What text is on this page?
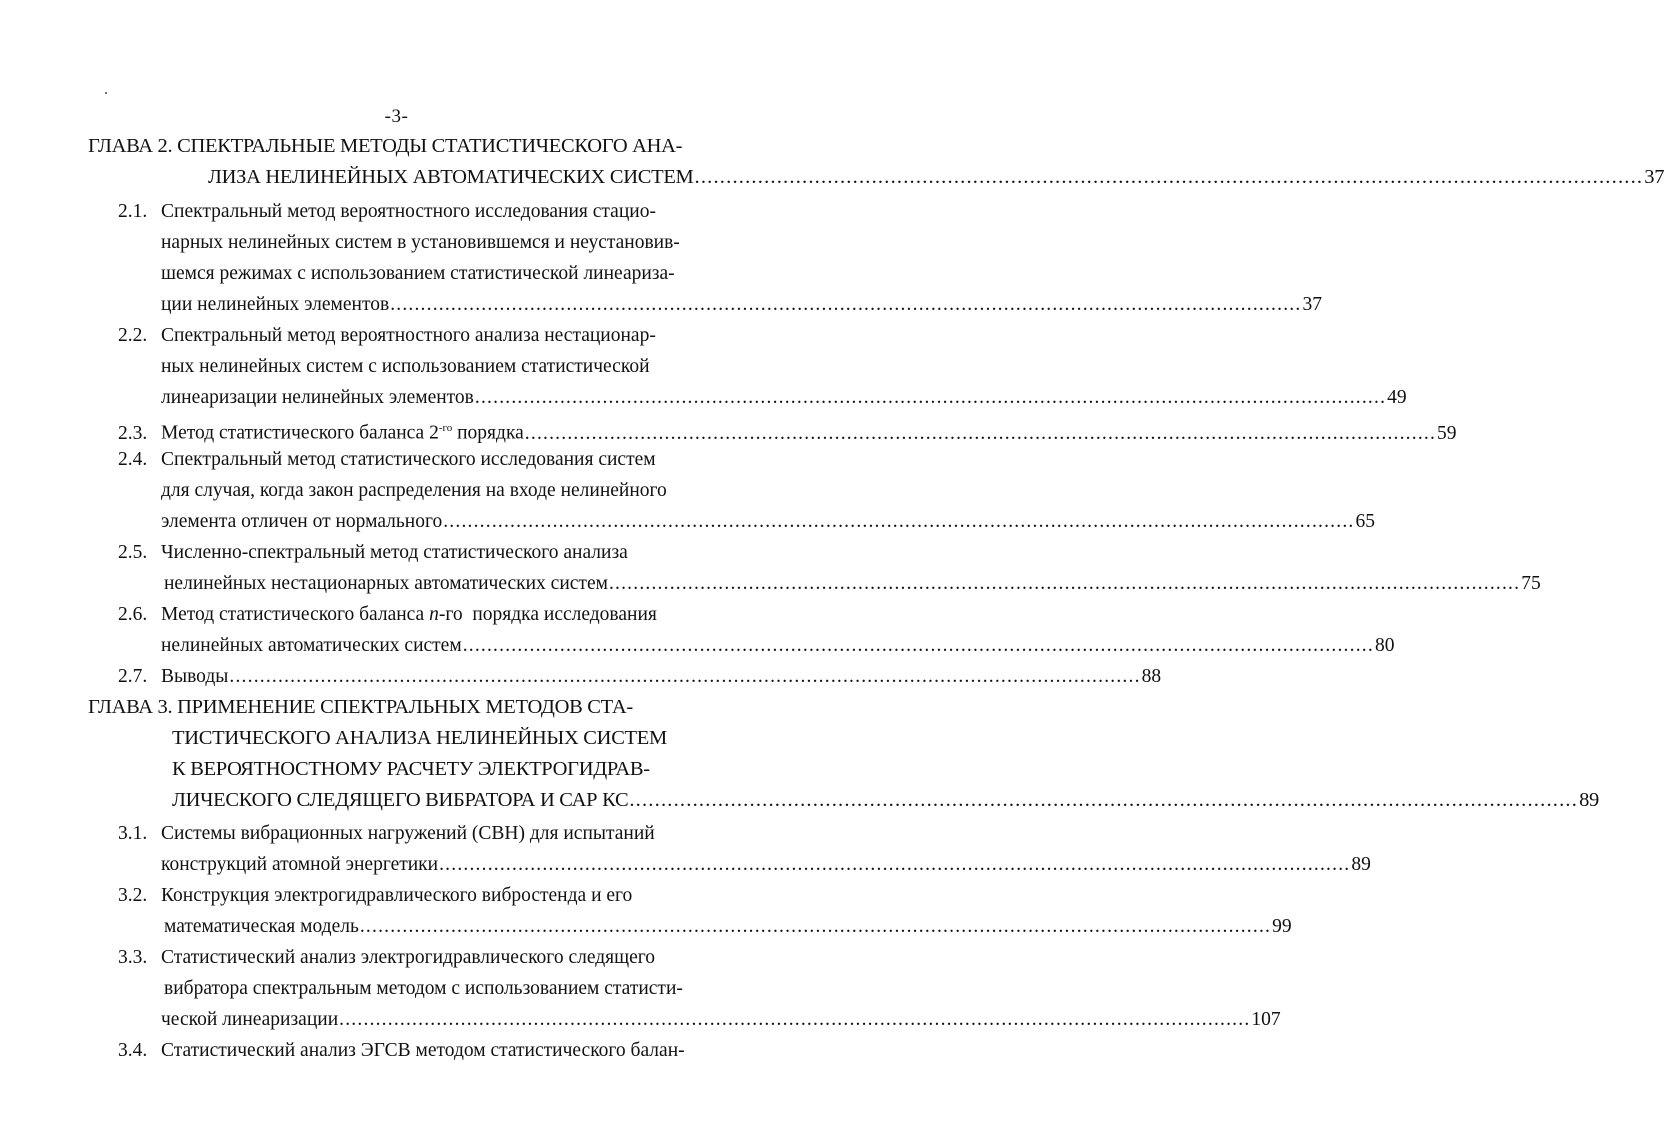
-3-
ГЛАВА 2. СПЕКТРАЛЬНЫЕ МЕТОДЫ СТАТИСТИЧЕСКОГО АНА-
ЛИЗА НЕЛИНЕЙНЫХ АВТОМАТИЧЕСКИХ СИСТЕМ ...................................................................................................................................................... 37
2.1. Спектральный метод вероятностного исследования стацио-
нарных нелинейных систем в установившемся и неустановив-
шемся режимах с использованием статистической линеариза-
ции нелинейных элементов ...................................................................................................................................................... 37
2.2. Спектральный метод вероятностного анализа нестационар-
ных нелинейных систем с использованием статистической
линеаризации нелинейных элементов ...................................................................................................................................................... 49
2.3. Метод статистического баланса $2^{-го}$ порядка ...................................................................................................................................................... 59
2.4. Спектральный метод статистического исследования систем
для случая, когда закон распределения на входе нелинейного
элемента отличен от нормального ...................................................................................................................................................... 65
2.5. Численно-спектральный метод статистического анализа
нелинейных нестационарных автоматических систем ...................................................................................................................................................... 75
2.6. Метод статистического баланса n-го  порядка исследования
нелинейных автоматических систем ...................................................................................................................................................... 80
2.7. Выводы ...................................................................................................................................................... 88
ГЛАВА 3. ПРИМЕНЕНИЕ СПЕКТРАЛЬНЫХ МЕТОДОВ СТА-
ТИСТИЧЕСКОГО АНАЛИЗА НЕЛИНЕЙНЫХ СИСТЕМ
К ВЕРОЯТНОСТНОМУ РАСЧЕТУ ЭЛЕКТРОГИДРАВ-
ЛИЧЕСКОГО СЛЕДЯЩЕГО ВИБРАТОРА И САР КС ...................................................................................................................................................... 89
3.1. Системы вибрационных нагружений (СВН) для испытаний
конструкций атомной энергетики ...................................................................................................................................................... 89
3.2. Конструкция электрогидравлического вибростенда и его
математическая модель ...................................................................................................................................................... 99
3.3. Статистический анализ электрогидравлического следящего
вибратора спектральным методом с использованием статисти-
ческой линеаризации ...................................................................................................................................................... 107
3.4. Статистический анализ ЭГСВ методом статистического балан-
